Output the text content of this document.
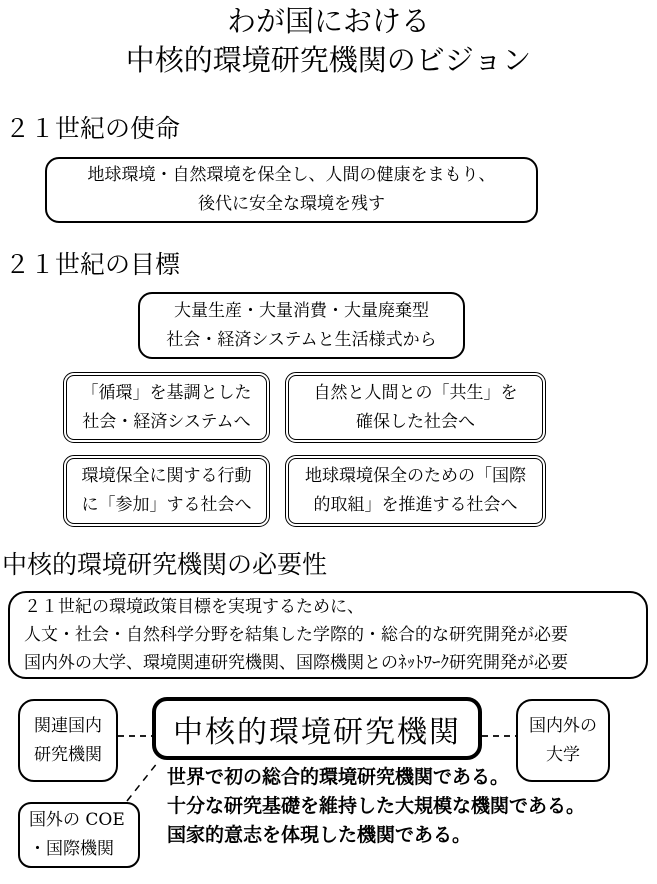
わが国における
中核的環境研究機関のビジョン
２１世紀の使命
地球環境・自然環境を保全し、人間の健康をまもり、
後代に安全な環境を残す
２１世紀の目標
大量生産・大量消費・大量廃棄型
社会・経済システムと生活様式から
「循環」を基調とした
社会・経済システムへ
自然と人間との「共生」を
確保した社会へ
環境保全に関する行動
に「参加」する社会へ
地球環境保全のための「国際
的取組」を推進する社会へ
中核的環境研究機関の必要性
２１世紀の環境政策目標を実現するために、
人文・社会・自然科学分野を結集した学際的・総合的な研究開発が必要
国内外の大学、環境関連研究機関、国際機関とのﾈｯﾄﾜｰｸ研究開発が必要
関連国内
研究機関
中核的環境研究機関	国内外の
大学
国外の COE
・国際機関
世界で初の総合的環境研究機関である。
十分な研究基礎を維持した大規模な機関である。
国家的意志を体現した機関である。
